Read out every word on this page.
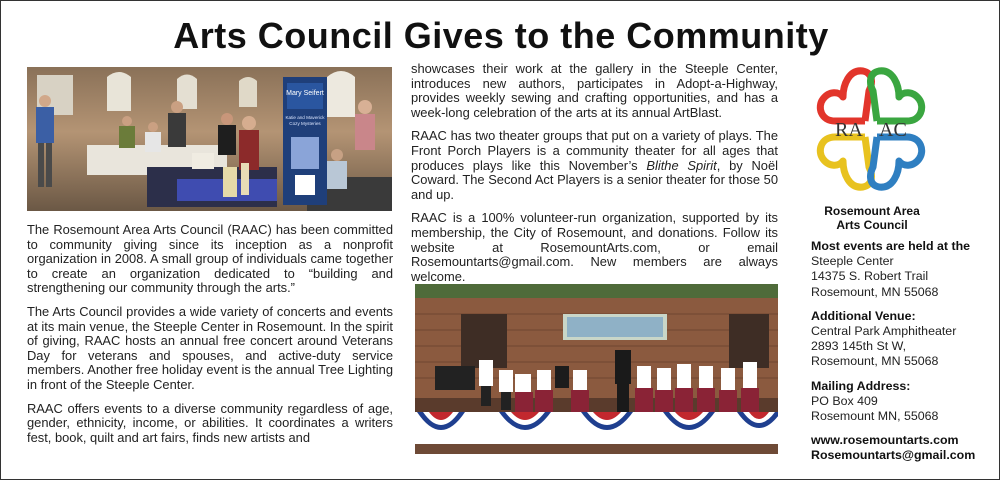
Arts Council Gives to the Community
Mary Seifert
Katie and Maverick
Cozy Mysteries

The Rosemount Area Arts Council (RAAC) has been committed to community giving since its inception as a nonprofit organization in 2008. A small group of individuals came together to create an organization dedicated to “building and strengthening our community through the arts.”

The Arts Council provides a wide variety of concerts and events at its main venue, the Steeple Center in Rosemount. In the spirit of giving, RAAC hosts an annual free concert around Veterans Day for veterans and spouses, and active-duty service members. Another free holiday event is the annual Tree Lighting in front of the Steeple Center.

RAAC offers events to a diverse community regardless of age, gender, ethnicity, income, or abilities. It coordinates a writers fest, book, quilt and art fairs, finds new artists and

showcases their work at the gallery in the Steeple Center, introduces new authors, participates in Adopt-a-Highway, provides weekly sewing and crafting opportunities, and has a week-long celebration of the arts at its annual ArtBlast.

RAAC has two theater groups that put on a variety of plays. The Front Porch Players is a community theater for all ages that produces plays like this November’s Blithe Spirit, by Noël Coward. The Second Act Players is a senior theater for those 50 and up.

RAAC is a 100% volunteer-run organization, supported by its membership, the City of Rosemount, and donations. Follow its website at RosemountArts.com, or email Rosemountarts@gmail.com. New members are always welcome.

RA AC
Rosemount Area
Arts Council
Most events are held at the
Steeple Center
14375 S. Robert Trail
Rosemount, MN 55068
Additional Venue:
Central Park Amphitheater
2893 145th St W,
Rosemount, MN 55068
Mailing Address:
PO Box 409
Rosemount MN, 55068
www.rosemountarts.com
Rosemountarts@gmail.com
